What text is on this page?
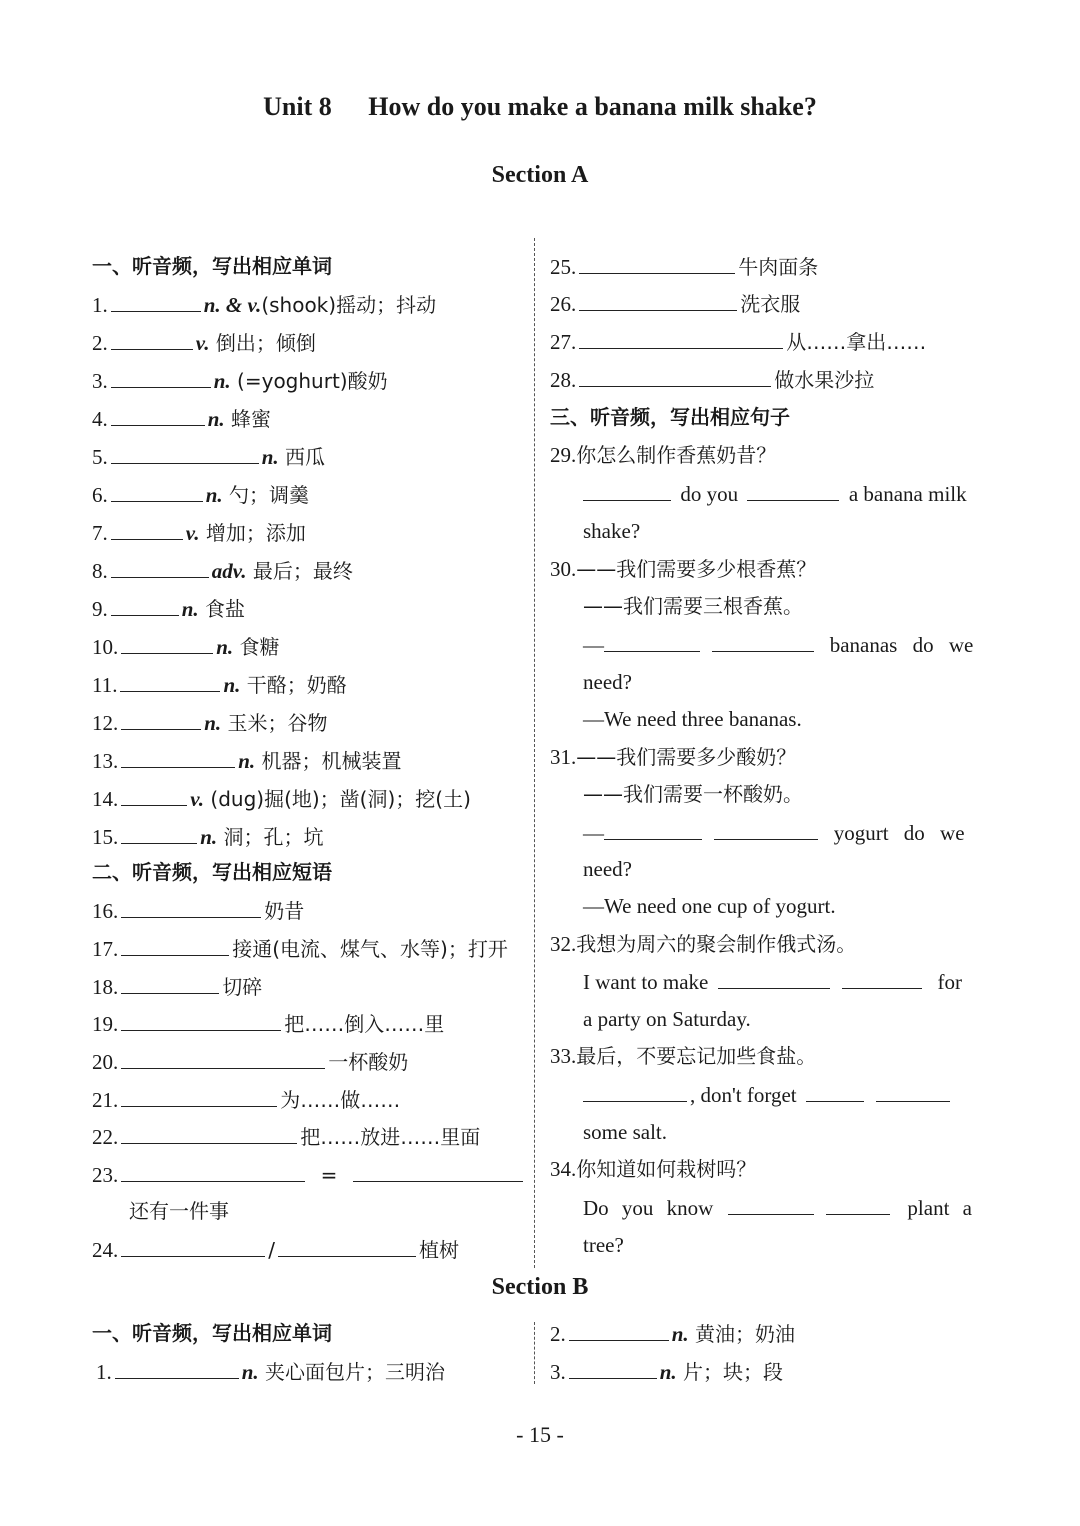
Unit 8 How do you make a banana milk shake?
Section A
一、听音频，写出相应单词
1.	n. & v.(shook)摇动；抖动
2.	v. 倒出；倾倒
3.	n. (=yoghurt)酸奶
4.	n. 蜂蜜
5.	n. 西瓜
6.	n. 勺；调羹
7.	v. 增加；添加
8.	adv. 最后；最终
9.	n. 食盐
10.	n. 食糖
11.	n. 干酪；奶酪
12.	n. 玉米；谷物
13.	n. 机器；机械装置
14.	v. (dug)掘(地)；凿(洞)；挖(土)
15.	n. 洞；孔；坑
二、听音频，写出相应短语
16.	奶昔
17.	接通(电流、煤气、水等)；打开
18.	切碎
19.	把……倒入……里
20.	一杯酸奶
21.	为……做……
22.	把……放进……里面
23.	=
还有一件事
24.	/	植树
25.	牛肉面条
26.	洗衣服
27.	从……拿出……
28.	做水果沙拉
三、听音频，写出相应句子
29.你怎么制作香蕉奶昔？
do you	a banana milk
shake?
30.——我们需要多少根香蕉？
——我们需要三根香蕉。
—	bananas do we
need?
—We need three bananas.
31.——我们需要多少酸奶？
——我们需要一杯酸奶。
—	yogurt do we
need?
—We need one cup of yogurt.
32.我想为周六的聚会制作俄式汤。
I want to make	for
a party on Saturday.
33.最后，不要忘记加些食盐。
, don't forget
some salt.
34.你知道如何栽树吗？
Do you know	plant a
tree?
Section B
一、听音频，写出相应单词
1.	n. 夹心面包片；三明治
2.	n. 黄油；奶油
3.	n. 片；块；段
- 15 -
